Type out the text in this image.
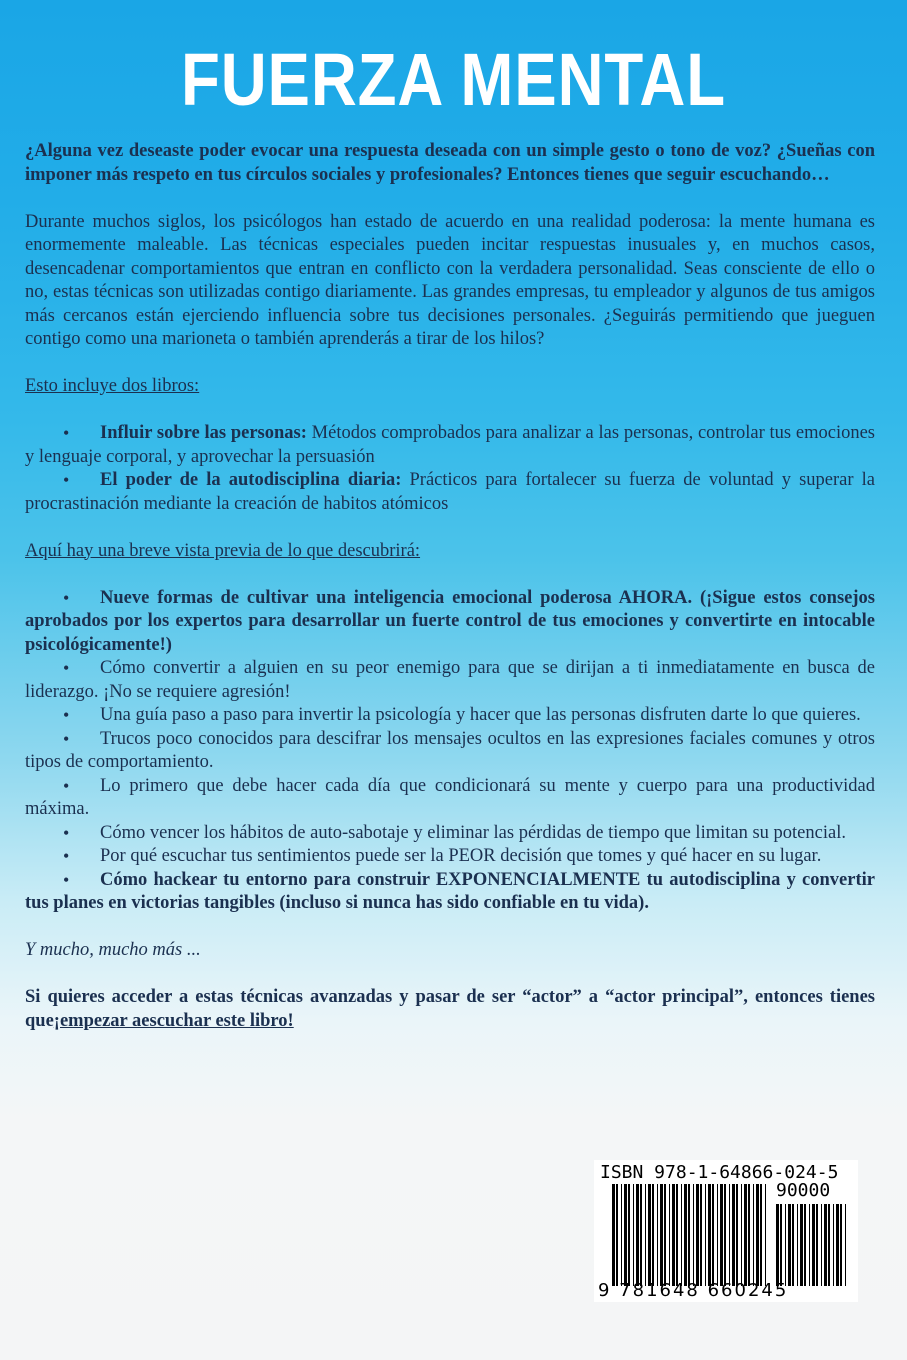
FUERZA MENTAL

¿Alguna vez deseaste poder evocar una respuesta deseada con un simple gesto o tono de voz? ¿Sueñas con imponer más respeto en tus círculos sociales y profesionales? Entonces tienes que seguir escuchando…

Durante muchos siglos, los psicólogos han estado de acuerdo en una realidad poderosa: la mente humana es enormemente maleable. Las técnicas especiales pueden incitar respuestas inusuales y, en muchos casos, desencadenar comportamientos que entran en conflicto con la verdadera personalidad. Seas consciente de ello o no, estas técnicas son utilizadas contigo diariamente. Las grandes empresas, tu empleador y algunos de tus amigos más cercanos están ejerciendo influencia sobre tus decisiones personales. ¿Seguirás permitiendo que jueguen contigo como una marioneta o también aprenderás a tirar de los hilos?

Esto incluye dos libros:

•	Influir sobre las personas: Métodos comprobados para analizar a las personas, controlar tus emociones y lenguaje corporal, y aprovechar la persuasión
•	El poder de la autodisciplina diaria: Prácticos para fortalecer su fuerza de voluntad y superar la procrastinación mediante la creación de habitos atómicos

Aquí hay una breve vista previa de lo que descubrirá:

•	Nueve formas de cultivar una inteligencia emocional poderosa AHORA. (¡Sigue estos consejos aprobados por los expertos para desarrollar un fuerte control de tus emociones y convertirte en intocable psicológicamente!)
•	Cómo convertir a alguien en su peor enemigo para que se dirijan a ti inmediatamente en busca de liderazgo. ¡No se requiere agresión!
•	Una guía paso a paso para invertir la psicología y hacer que las personas disfruten darte lo que quieres.
•	Trucos poco conocidos para descifrar los mensajes ocultos en las expresiones faciales comunes y otros tipos de comportamiento.
•	Lo primero que debe hacer cada día que condicionará su mente y cuerpo para una productividad máxima.
•	Cómo vencer los hábitos de auto-sabotaje y eliminar las pérdidas de tiempo que limitan su potencial.
•	Por qué escuchar tus sentimientos puede ser la PEOR decisión que tomes y qué hacer en su lugar.
•	Cómo hackear tu entorno para construir EXPONENCIALMENTE tu autodisciplina y convertir tus planes en victorias tangibles (incluso si nunca has sido confiable en tu vida).

Y mucho, mucho más ...

Si quieres acceder a estas técnicas avanzadas y pasar de ser “actor” a “actor principal”, entonces tienes que¡empezar aescuchar este libro!

ISBN 978-1-64866-024-5
90000
9 781648 660245
